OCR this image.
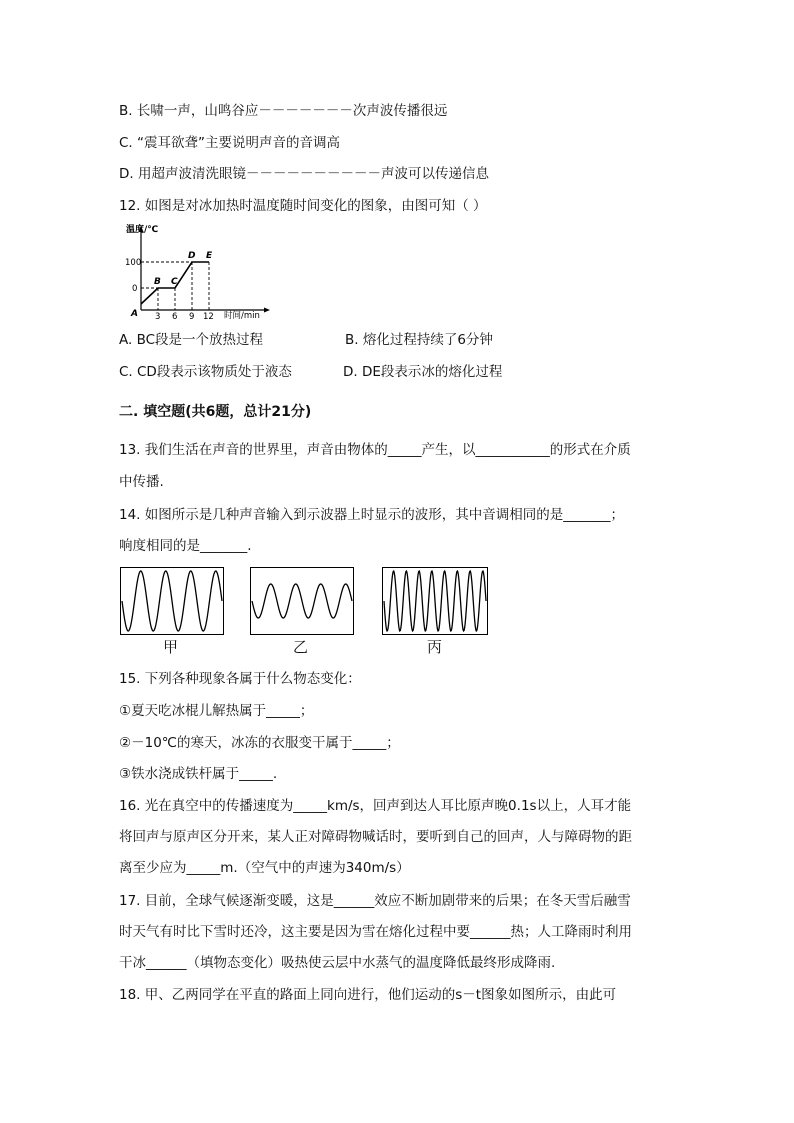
B. 长啸一声，山鸣谷应－－－－－－－次声波传播很远
C. “震耳欲聋”主要说明声音的音调高
D. 用超声波清洗眼镜－－－－－－－－－－声波可以传递信息
12. 如图是对冰加热时温度随时间变化的图象，由图可知（ ）
温度/℃
100
0
3 6 9 12 时间/min
A
B C
D E
A. BC段是一个放热过程	B. 熔化过程持续了6分钟
C. CD段表示该物质处于液态	D. DE段表示冰的熔化过程
二. 填空题(共6题，总计21分)
13. 我们生活在声音的世界里，声音由物体的_____产生，以___________的形式在介质
中传播.
14. 如图所示是几种声音输入到示波器上时显示的波形，其中音调相同的是_______；
响度相同的是_______.
甲	乙	丙
15. 下列各种现象各属于什么物态变化：
①夏天吃冰棍儿解热属于_____；
②－10℃的寒天，冰冻的衣服变干属于_____；
③铁水浇成铁杆属于_____.
16. 光在真空中的传播速度为_____km/s，回声到达人耳比原声晚0.1s以上，人耳才能
将回声与原声区分开来，某人正对障碍物喊话时，要听到自己的回声，人与障碍物的距
离至少应为_____m.（空气中的声速为340m/s）
17. 目前，全球气候逐渐变暖，这是______效应不断加剧带来的后果；在冬天雪后融雪
时天气有时比下雪时还冷，这主要是因为雪在熔化过程中要______热；人工降雨时利用
干冰______（填物态变化）吸热使云层中水蒸气的温度降低最终形成降雨.
18. 甲、乙两同学在平直的路面上同向进行，他们运动的s－t图象如图所示，由此可
